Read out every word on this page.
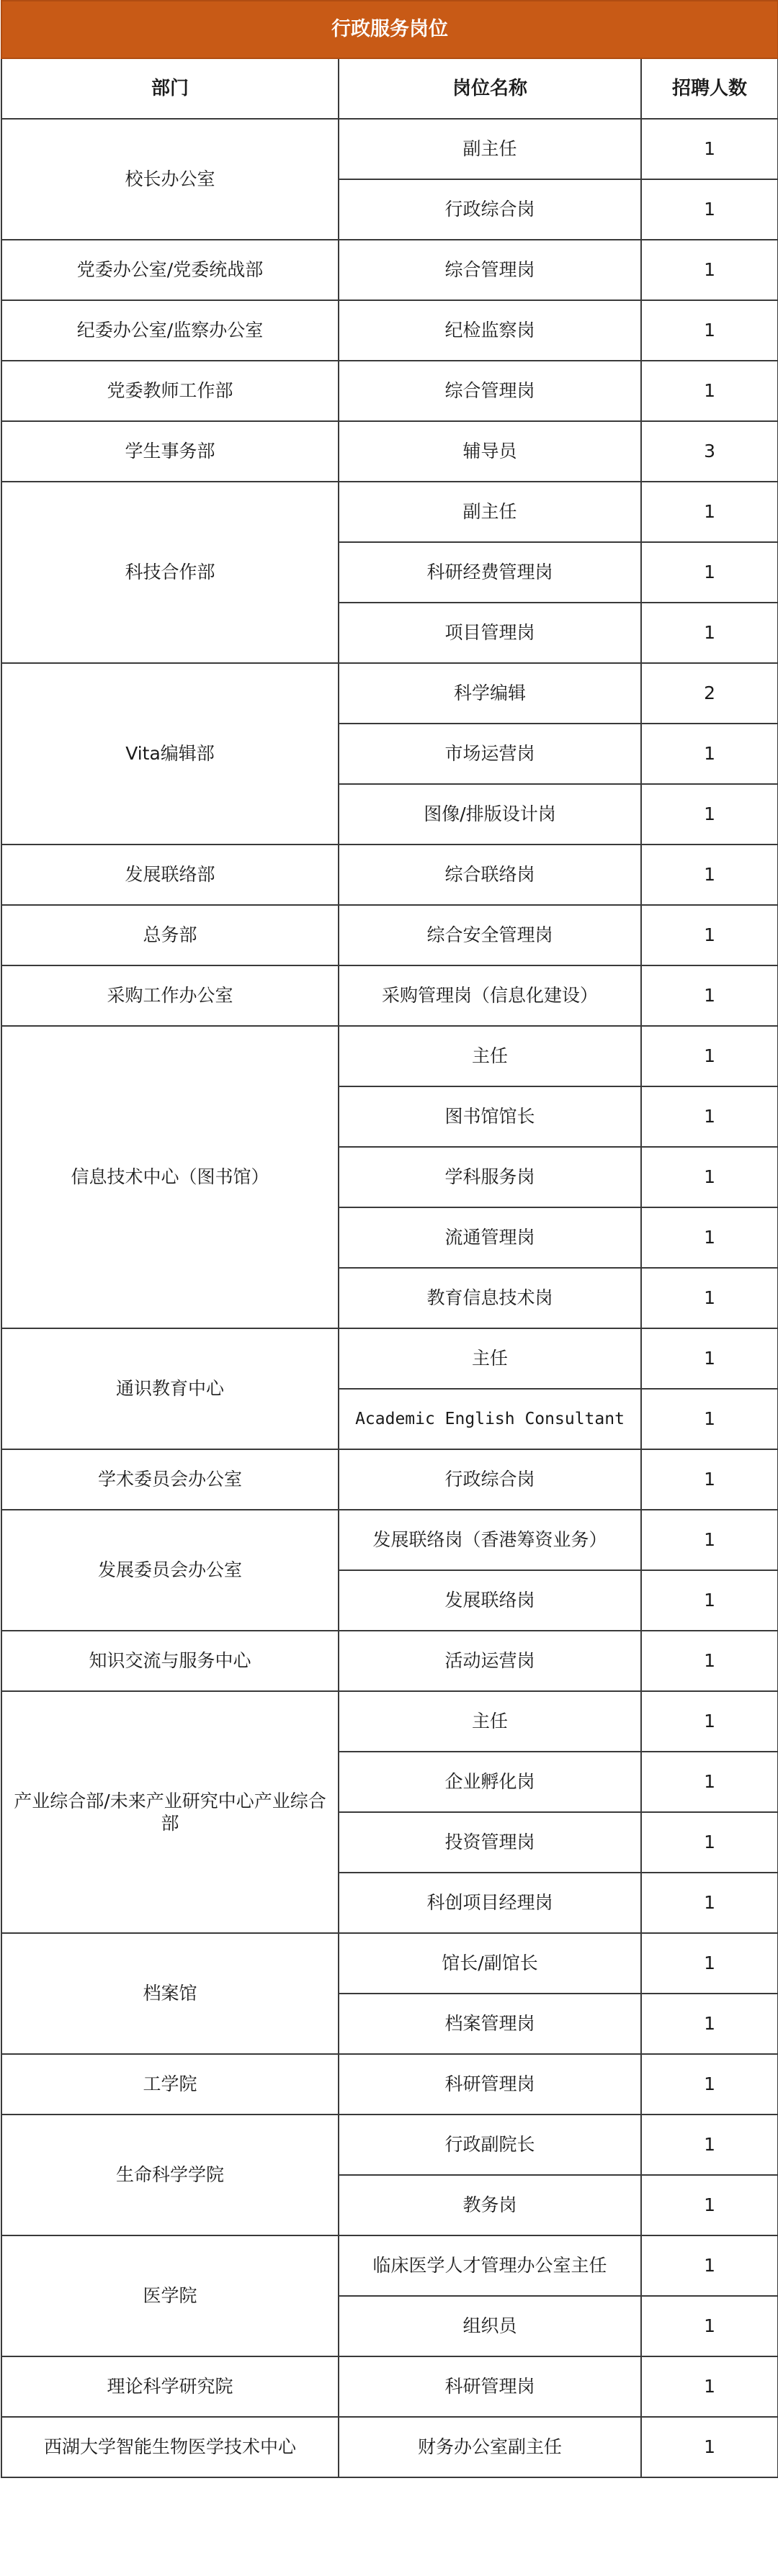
行政服务岗位		
部门	岗位名称	招聘人数
校长办公室	副主任	1
	行政综合岗	1
党委办公室/党委统战部	综合管理岗	1
纪委办公室/监察办公室	纪检监察岗	1
党委教师工作部	综合管理岗	1
学生事务部	辅导员	3
科技合作部	副主任	1
	科研经费管理岗	1
	项目管理岗	1
Vita编辑部	科学编辑	2
	市场运营岗	1
	图像/排版设计岗	1
发展联络部	综合联络岗	1
总务部	综合安全管理岗	1
采购工作办公室	采购管理岗（信息化建设）	1
信息技术中心（图书馆）	主任	1
	图书馆馆长	1
	学科服务岗	1
	流通管理岗	1
	教育信息技术岗	1
通识教育中心	主任	1
	Academic English Consultant	1
学术委员会办公室	行政综合岗	1
发展委员会办公室	发展联络岗（香港筹资业务）	1
	发展联络岗	1
知识交流与服务中心	活动运营岗	1
产业综合部/未来产业研究中心产业综合部	主任	1
	企业孵化岗	1
	投资管理岗	1
	科创项目经理岗	1
档案馆	馆长/副馆长	1
	档案管理岗	1
工学院	科研管理岗	1
生命科学学院	行政副院长	1
	教务岗	1
医学院	临床医学人才管理办公室主任	1
	组织员	1
理论科学研究院	科研管理岗	1
西湖大学智能生物医学技术中心	财务办公室副主任	1
